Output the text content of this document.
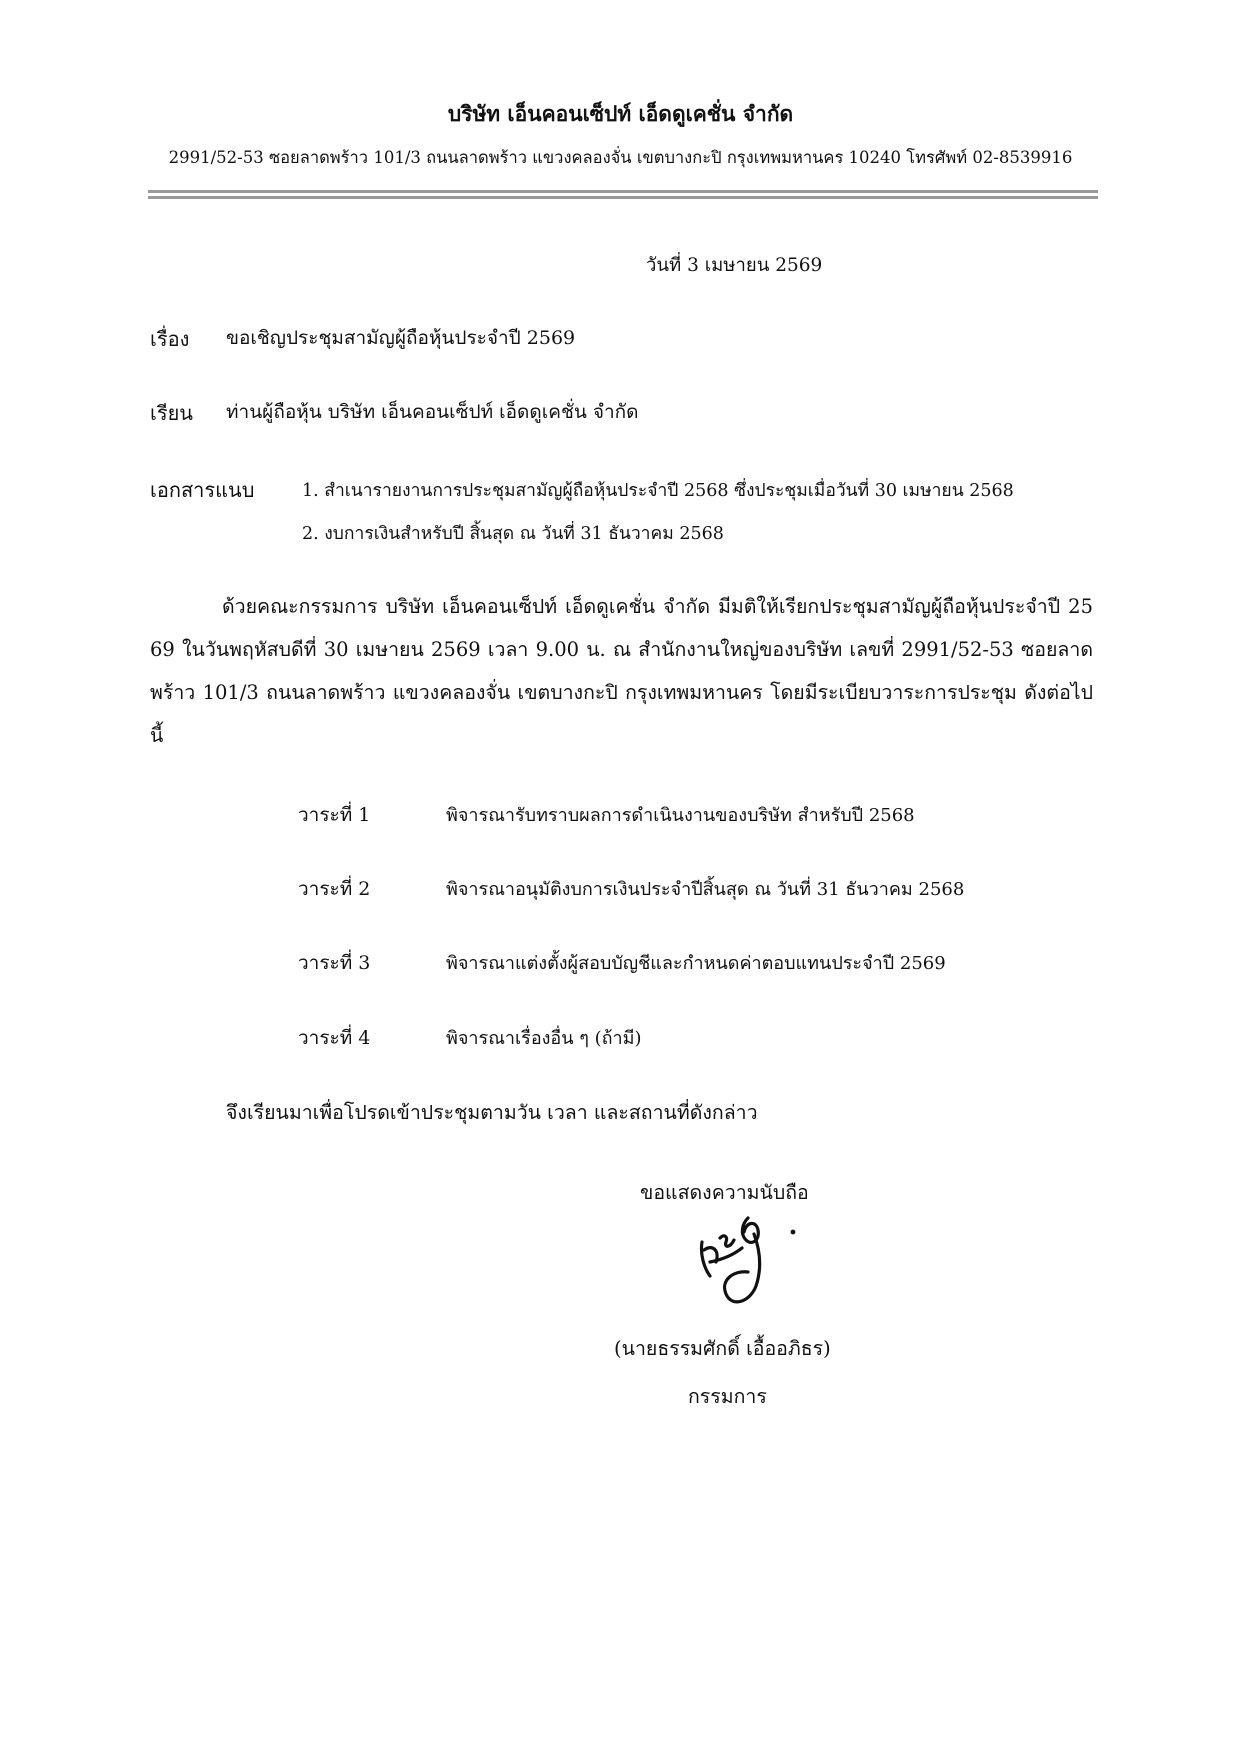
บริษัท เอ็นคอนเซ็ปท์ เอ็ดดูเคชั่น จำกัด
2991/52-53 ซอยลาดพร้าว 101/3 ถนนลาดพร้าว แขวงคลองจั่น เขตบางกะปิ กรุงเทพมหานคร 10240 โทรศัพท์ 02-8539916
วันที่ 3 เมษายน 2569
เรื่อง ขอเชิญประชุมสามัญผู้ถือหุ้นประจำปี 2569
เรียน ท่านผู้ถือหุ้น บริษัท เอ็นคอนเซ็ปท์ เอ็ดดูเคชั่น จำกัด
เอกสารแนบ	1. สำเนารายงานการประชุมสามัญผู้ถือหุ้นประจำปี 2568 ซึ่งประชุมเมื่อวันที่ 30 เมษายน 2568
2. งบการเงินสำหรับปี สิ้นสุด ณ วันที่ 31 ธันวาคม 2568
ด้วยคณะกรรมการ บริษัท เอ็นคอนเซ็ปท์ เอ็ดดูเคชั่น จำกัด มีมติให้เรียกประชุมสามัญผู้ถือหุ้นประจำปี 2569 ในวันพฤหัสบดีที่ 30 เมษายน 2569 เวลา 9.00 น. ณ สำนักงานใหญ่ของบริษัท เลขที่ 2991/52-53 ซอยลาดพร้าว 101/3 ถนนลาดพร้าว แขวงคลองจั่น เขตบางกะปิ กรุงเทพมหานคร โดยมีระเบียบวาระการประชุม ดังต่อไปนี้
วาระที่ 1	พิจารณารับทราบผลการดำเนินงานของบริษัท สำหรับปี 2568
วาระที่ 2	พิจารณาอนุมัติงบการเงินประจำปีสิ้นสุด ณ วันที่ 31 ธันวาคม 2568
วาระที่ 3	พิจารณาแต่งตั้งผู้สอบบัญชีและกำหนดค่าตอบแทนประจำปี 2569
วาระที่ 4	พิจารณาเรื่องอื่น ๆ (ถ้ามี)
จึงเรียนมาเพื่อโปรดเข้าประชุมตามวัน เวลา และสถานที่ดังกล่าว
ขอแสดงความนับถือ
(นายธรรมศักดิ์ เอื้ออภิธร)
กรรมการ
